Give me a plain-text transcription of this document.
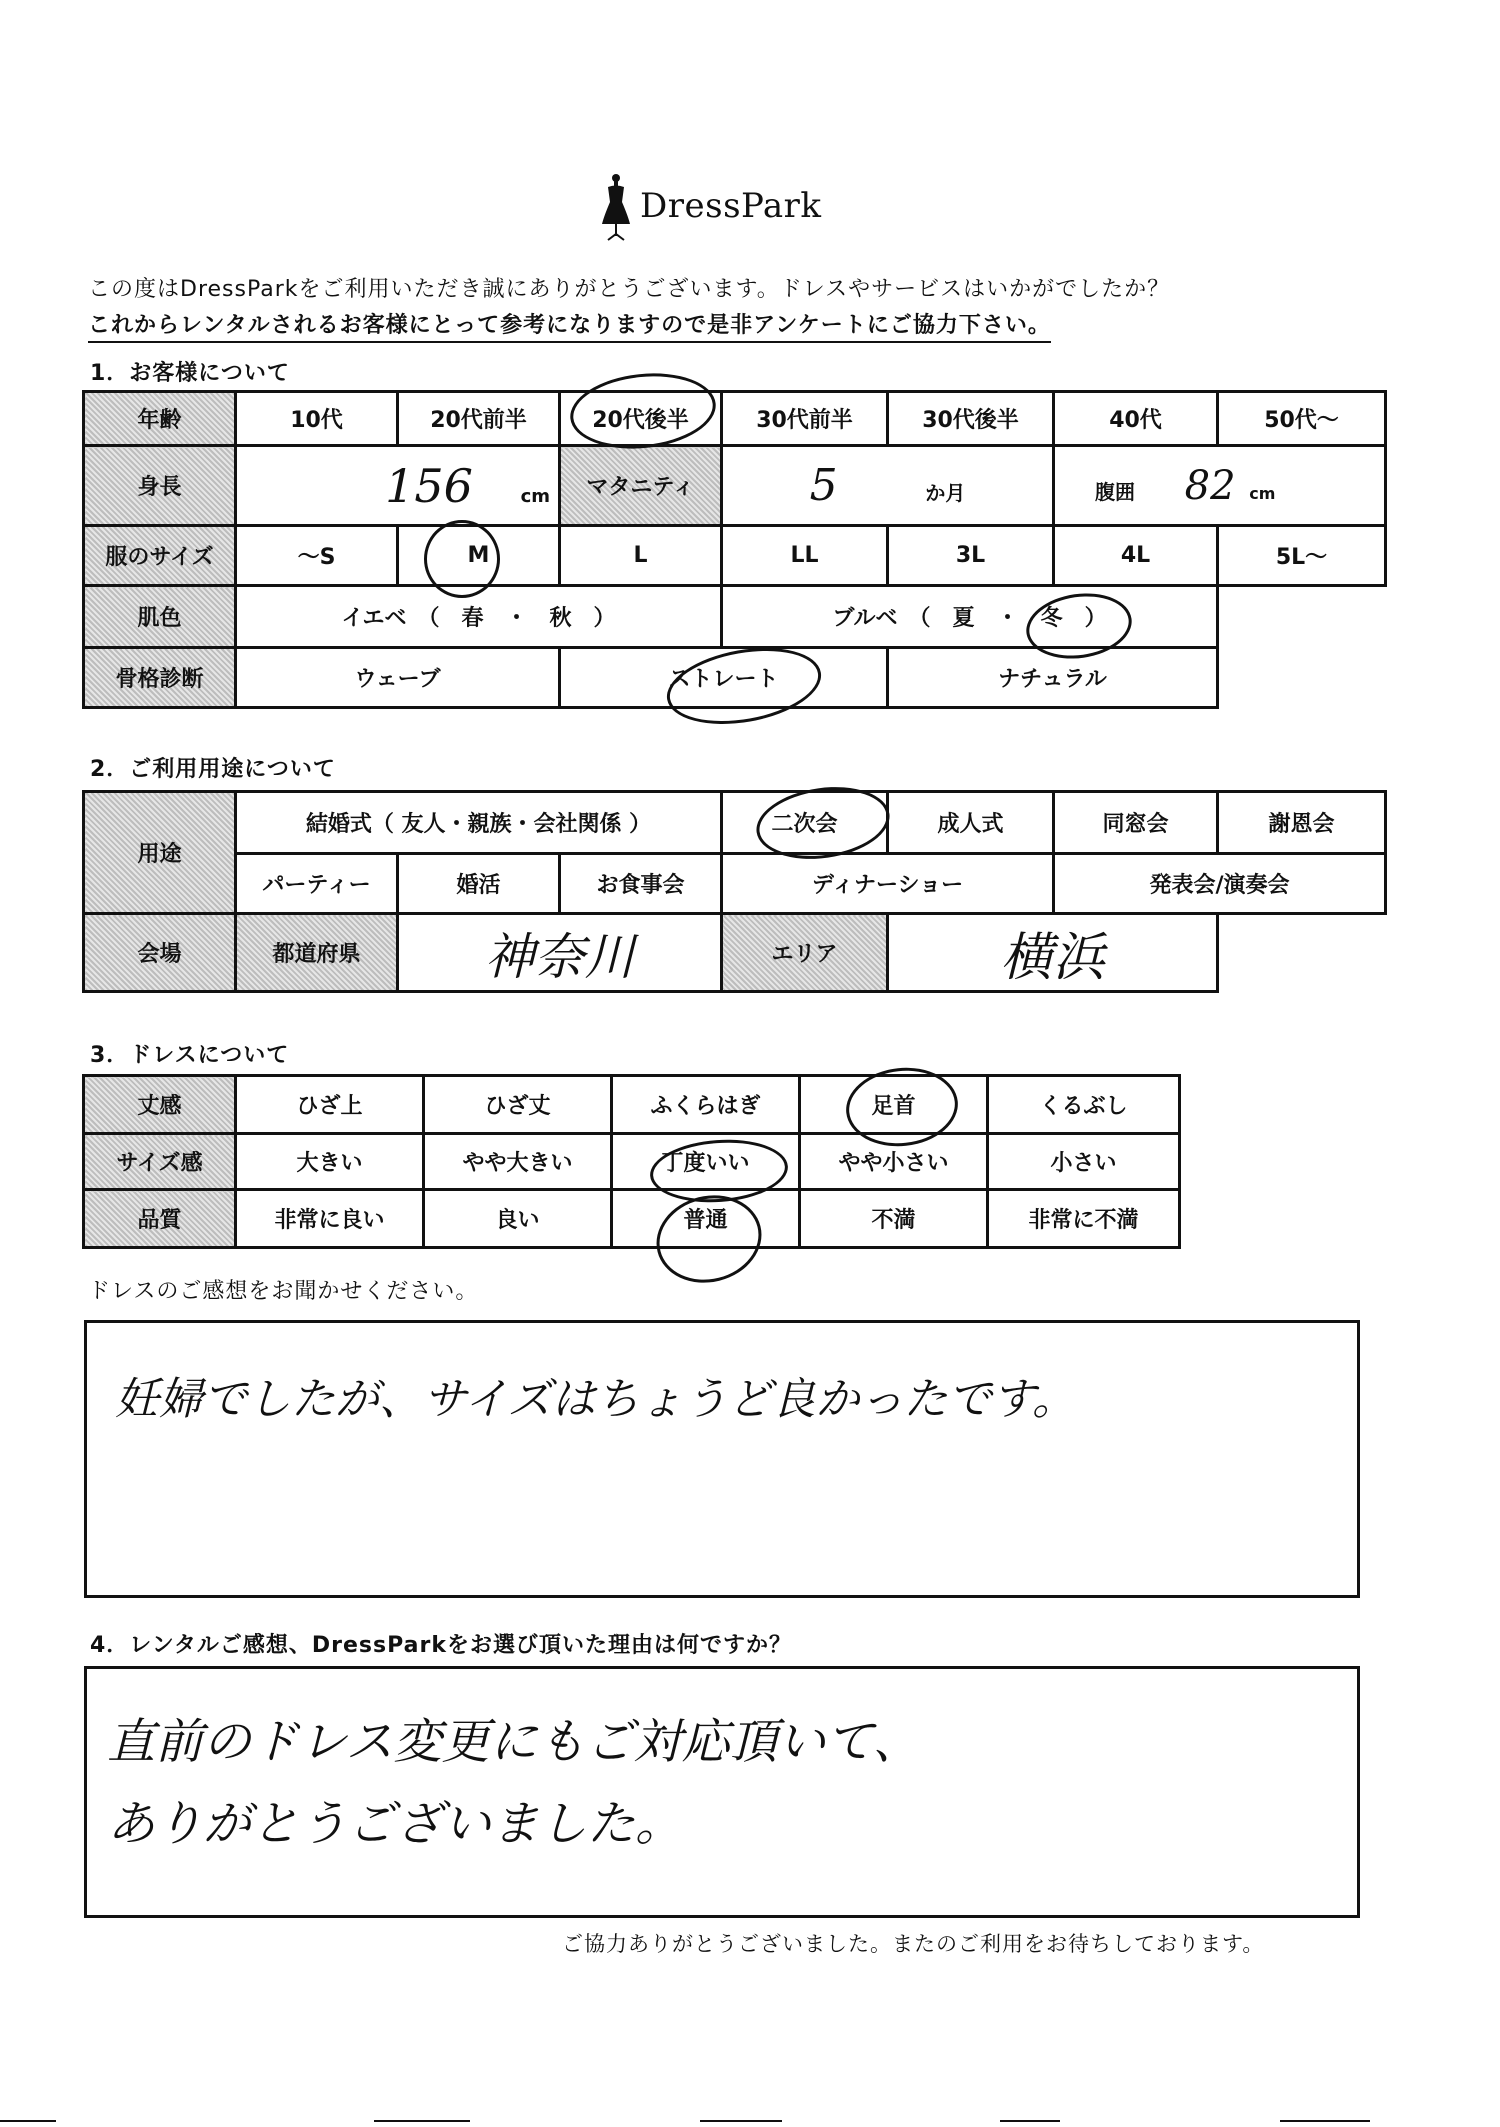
DressPark
この度はDressParkをご利用いただき誠にありがとうございます。ドレスやサービスはいかがでしたか？
これからレンタルされるお客様にとって参考になりますので是非アンケートにご協力下さい。
1．お客様について
年齢	10代	20代前半	20代後半	30代前半	30代後半	40代	50代～
身長	156 cm		マタニティ	5 か月		腹囲 82 cm	
服のサイズ	～S	M	L	LL	3L	4L	5L～
肌色	イエベ　（　春　・　秋　）			ブルベ　（　夏　・　冬　）			
骨格診断	ウェーブ		ストレート		ナチュラル		
2．ご利用用途について
用途	結婚式（ 友人・親族・会社関係 ）			二次会	成人式	同窓会	謝恩会
	パーティー	婚活	お食事会	ディナーショー		発表会/演奏会	
会場	都道府県	神奈川		エリア	横浜		
3．ドレスについて
丈感	ひざ上	ひざ丈	ふくらはぎ	足首	くるぶし
サイズ感	大きい	やや大きい	丁度いい	やや小さい	小さい
品質	非常に良い	良い	普通	不満	非常に不満
ドレスのご感想をお聞かせください。
妊婦でしたが、サイズはちょうど良かったです。
4．レンタルご感想、DressParkをお選び頂いた理由は何ですか？
直前のドレス変更にもご対応頂いて、
ありがとうございました。
ご協力ありがとうございました。またのご利用をお待ちしております。
